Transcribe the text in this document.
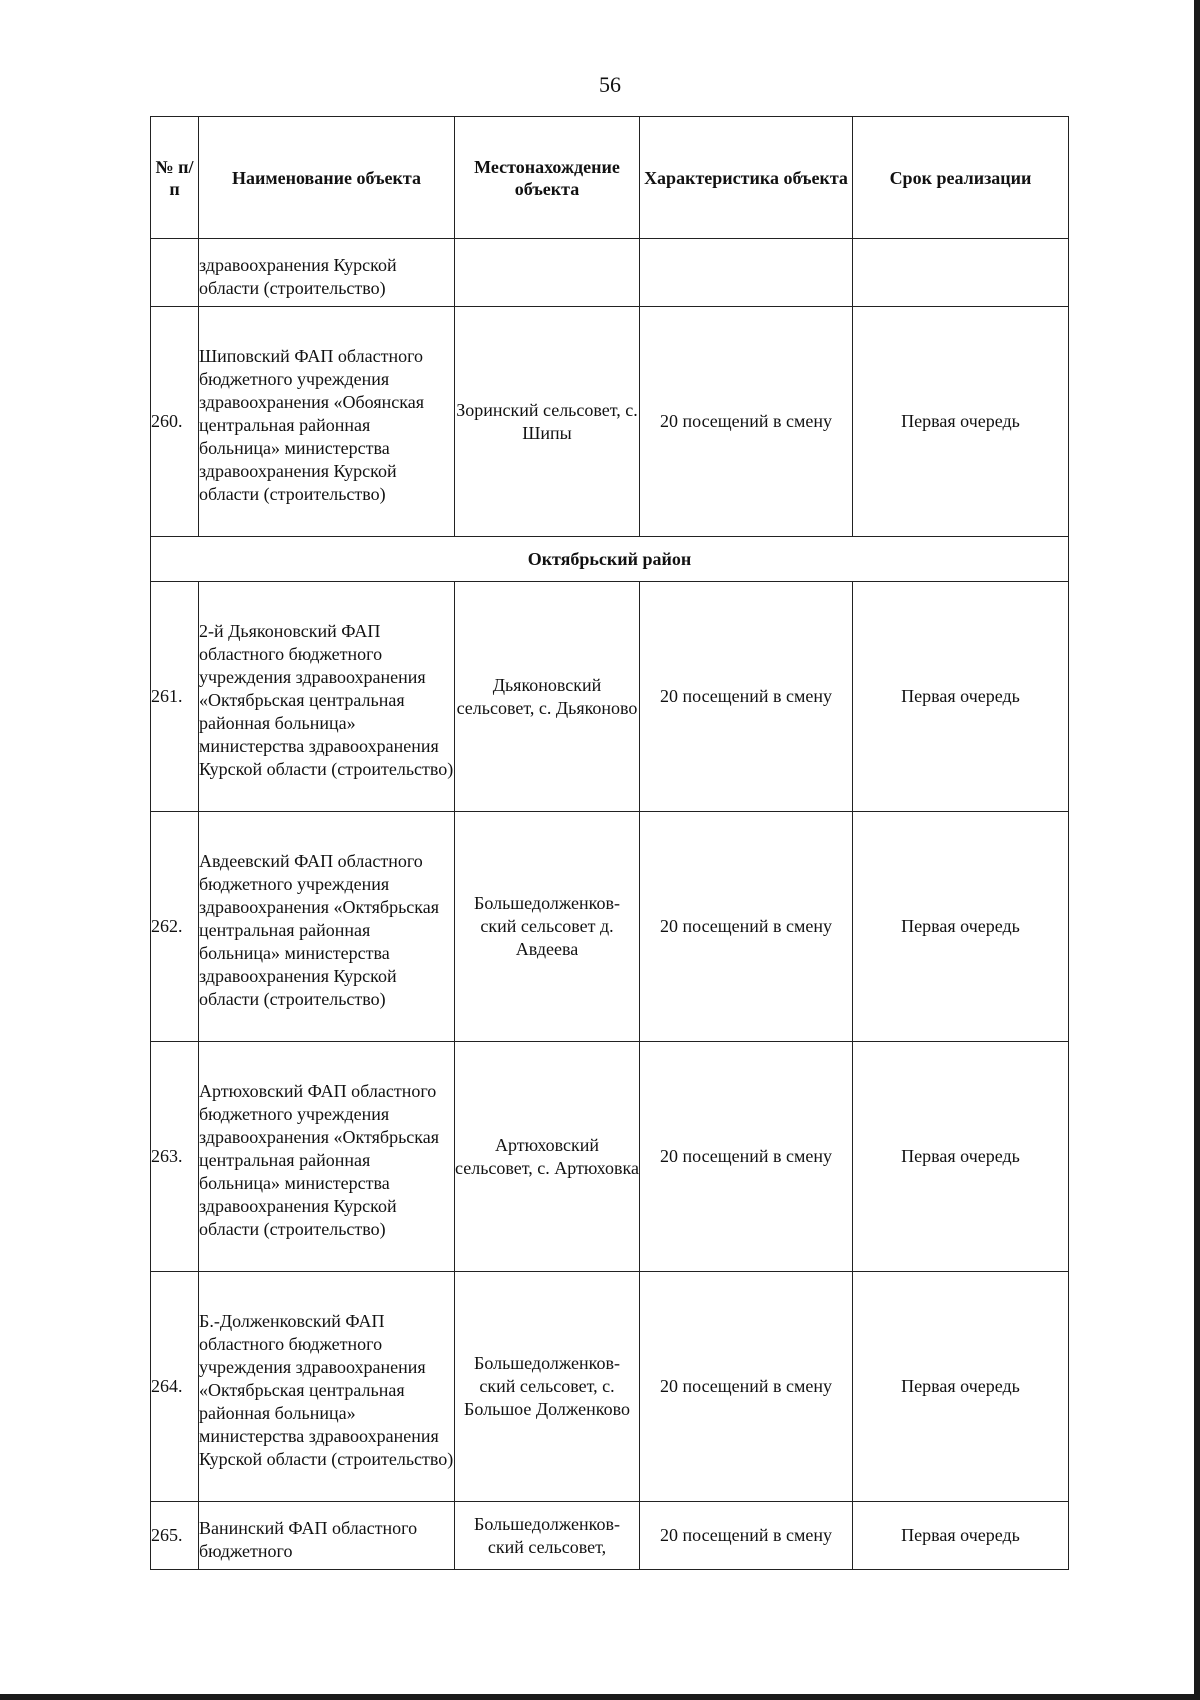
56
№ п/п	Наименование объекта	Местонахождение объекта	Характеристика объекта	Срок реализации

	здравоохранения Курской области (строительство)			

260.	Шиповский ФАП областного бюджетного учреждения здравоохранения «Обоянская центральная районная больница» министерства здравоохранения Курской области (строительство)	Зоринский сельсовет, с. Шипы	20 посещений в смену	Первая очередь
Октябрьский район				
261.	2-й Дьяконовский ФАП областного бюджетного учреждения здравоохранения «Октябрьская центральная районная больница» министерства здравоохранения Курской области (строительство)	Дьяконовский сельсовет, с. Дьяконово	20 посещений в смену	Первая очередь
262.	Авдеевский ФАП областного бюджетного учреждения здравоохранения «Октябрьская центральная районная больница» министерства здравоохранения Курской области (строительство)	Большедолженков- ский сельсовет д. Авдеева	20 посещений в смену	Первая очередь
263.	Артюховский ФАП областного бюджетного учреждения здравоохранения «Октябрьская центральная районная больница» министерства здравоохранения Курской области (строительство)	Артюховский сельсовет, с. Артюховка	20 посещений в смену	Первая очередь
264.	Б.-Долженковский ФАП областного бюджетного учреждения здравоохранения «Октябрьская центральная районная больница» министерства здравоохранения Курской области (строительство)	Большедолженков- ский сельсовет, с. Большое Долженково	20 посещений в смену	Первая очередь
265.	Ванинский ФАП областного бюджетного	Большедолженков- ский сельсовет,	20 посещений в смену	Первая очередь
